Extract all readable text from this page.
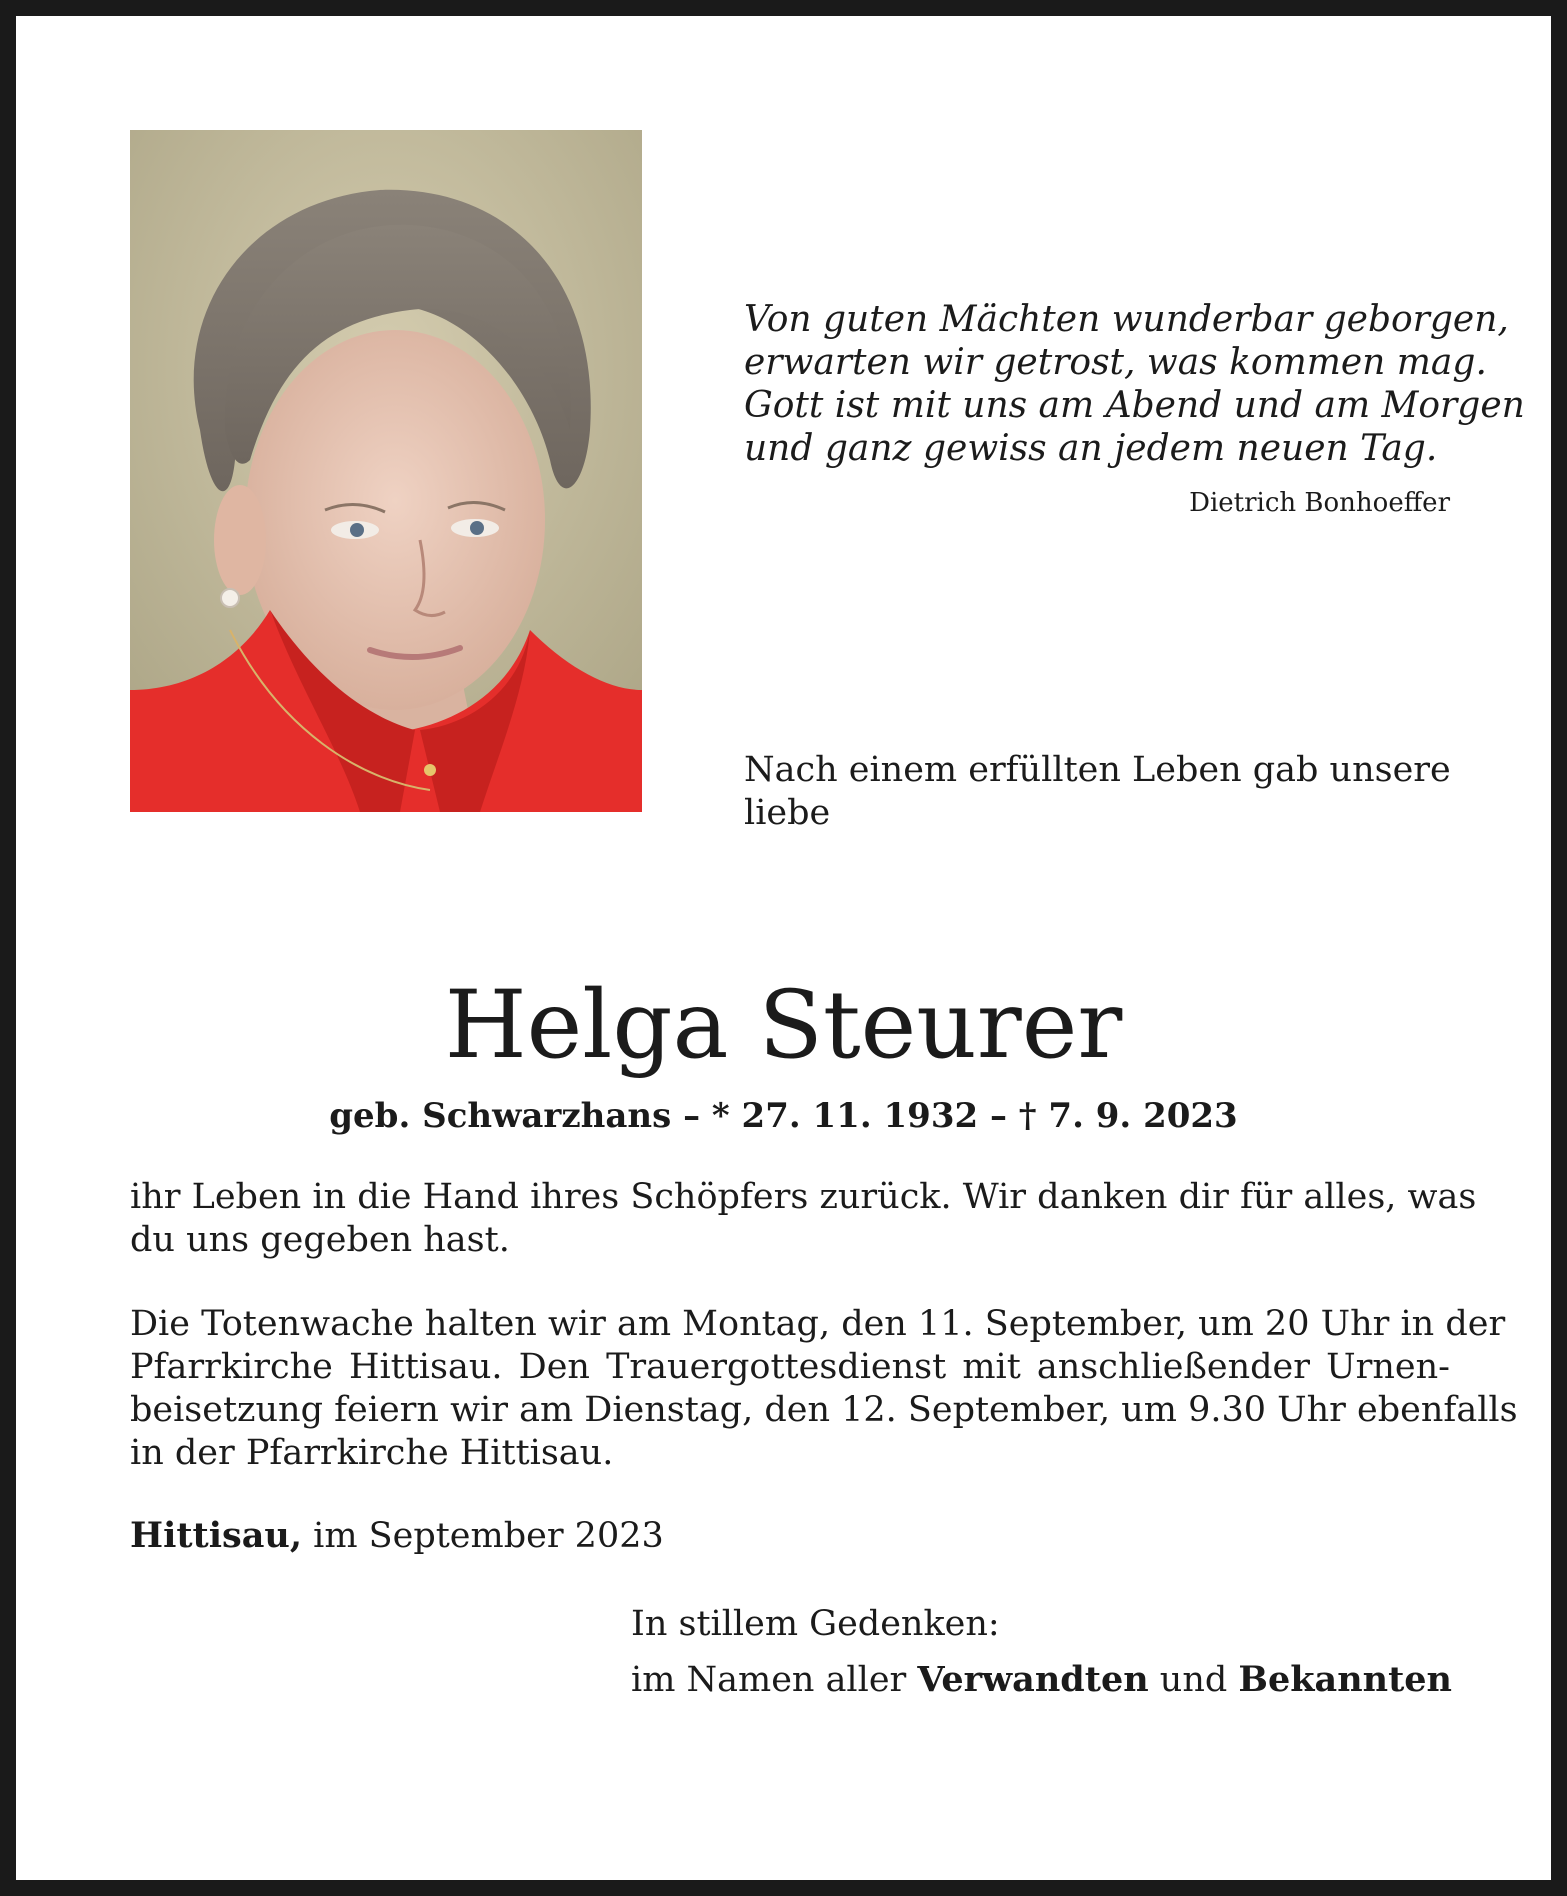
Von guten Mächten wunderbar geborgen,
erwarten wir getrost, was kommen mag.
Gott ist mit uns am Abend und am Morgen
und ganz gewiss an jedem neuen Tag.
Dietrich Bonhoeffer
Nach einem erfüllten Leben gab unsere
liebe
Helga Steurer
geb. Schwarzhans – * 27. 11. 1932 – † 7. 9. 2023
ihr Leben in die Hand ihres Schöpfers zurück. Wir danken dir für alles, was
du uns gegeben hast.
Die Totenwache halten wir am Montag, den 11. September, um 20 Uhr in der
Pfarrkirche Hittisau. Den Trauergottesdienst mit anschließender Urnen-
beisetzung feiern wir am Dienstag, den 12. September, um 9.30 Uhr ebenfalls
in der Pfarrkirche Hittisau.
Hittisau, im September 2023
In stillem Gedenken:
im Namen aller Verwandten und Bekannten
